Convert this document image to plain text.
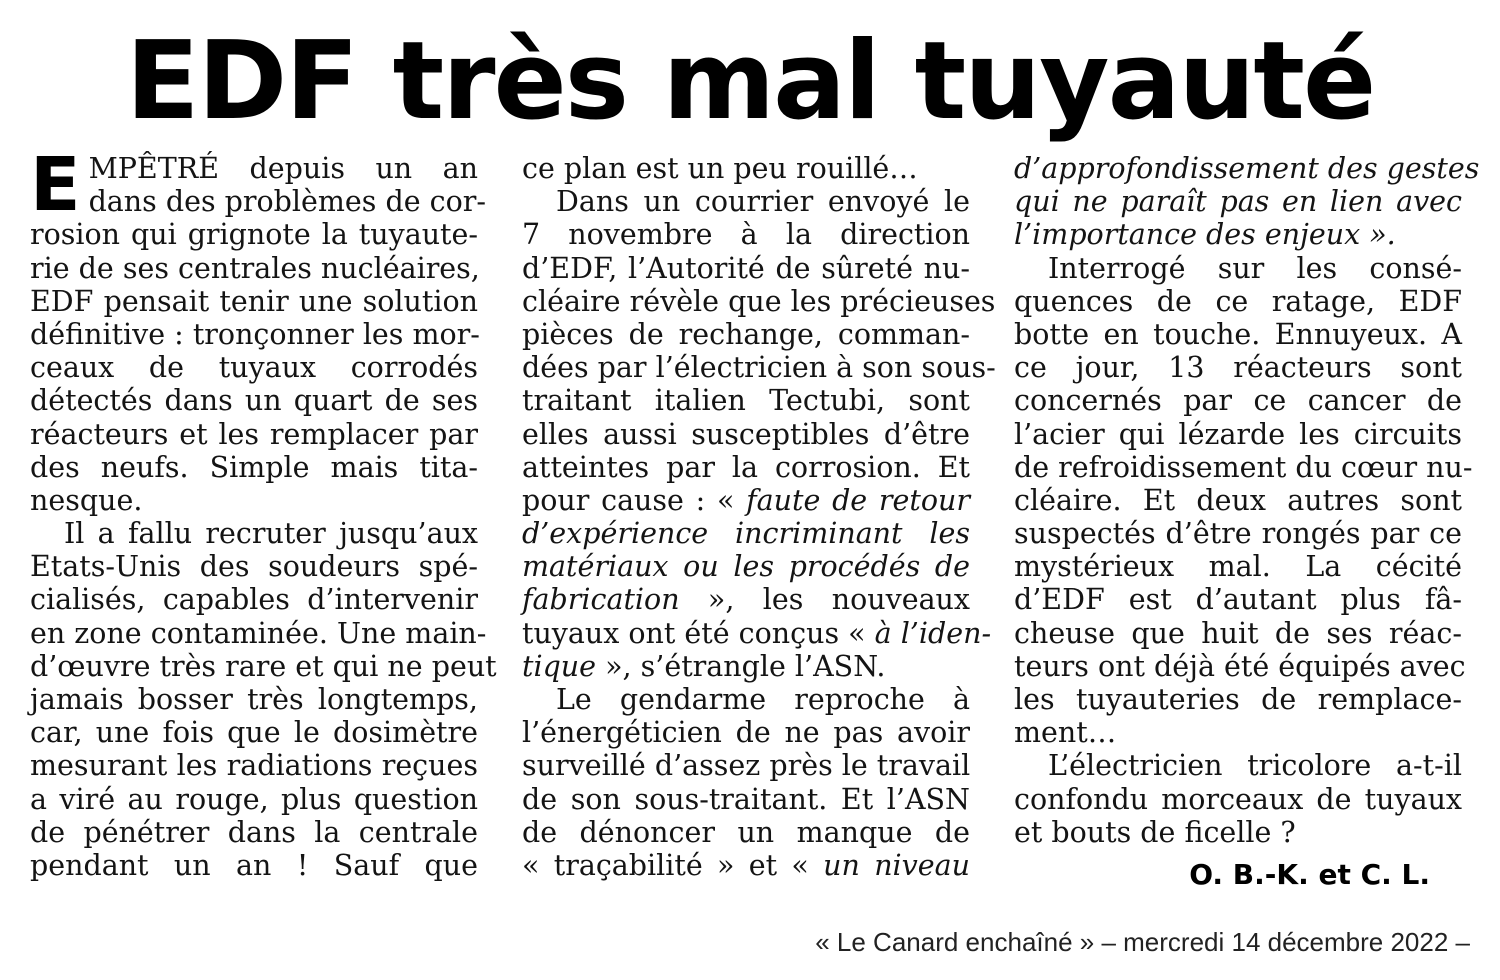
EDF très mal tuyauté
E MPÊTRÉ depuis un an
dans des problèmes de cor-
rosion qui grignote la tuyaute-
rie de ses centrales nucléaires,
EDF pensait tenir une solution
définitive : tronçonner les mor-
ceaux de tuyaux corrodés
détectés dans un quart de ses
réacteurs et les remplacer par
des neufs. Simple mais tita-
nesque.
Il a fallu recruter jusqu’aux
Etats-Unis des soudeurs spé-
cialisés, capables d’intervenir
en zone contaminée. Une main-
d’œuvre très rare et qui ne peut
jamais bosser très longtemps,
car, une fois que le dosimètre
mesurant les radiations reçues
a viré au rouge, plus question
de pénétrer dans la centrale
pendant un an ! Sauf que
ce plan est un peu rouillé…
Dans un courrier envoyé le
7 novembre à la direction
d’EDF, l’Autorité de sûreté nu-
cléaire révèle que les précieuses
pièces de rechange, comman-
dées par l’électricien à son sous-
traitant italien Tectubi, sont
elles aussi susceptibles d’être
atteintes par la corrosion. Et
pour cause : « faute de retour
d’expérience incriminant les
matériaux ou les procédés de
fabrication », les nouveaux
tuyaux ont été conçus « à l’iden-
tique », s’étrangle l’ASN.
Le gendarme reproche à
l’énergéticien de ne pas avoir
surveillé d’assez près le travail
de son sous-traitant. Et l’ASN
de dénoncer un manque de
« traçabilité » et « un niveau
d’approfondissement des gestes
qui ne paraît pas en lien avec
l’importance des enjeux ».
Interrogé sur les consé-
quences de ce ratage, EDF
botte en touche. Ennuyeux. A
ce jour, 13 réacteurs sont
concernés par ce cancer de
l’acier qui lézarde les circuits
de refroidissement du cœur nu-
cléaire. Et deux autres sont
suspectés d’être rongés par ce
mystérieux mal. La cécité
d’EDF est d’autant plus fâ-
cheuse que huit de ses réac-
teurs ont déjà été équipés avec
les tuyauteries de remplace-
ment…
L’électricien tricolore a-t-il
confondu morceaux de tuyaux
et bouts de ficelle ?
O. B.-K. et C. L.
« Le Canard enchaîné » – mercredi 14 décembre 2022 –
